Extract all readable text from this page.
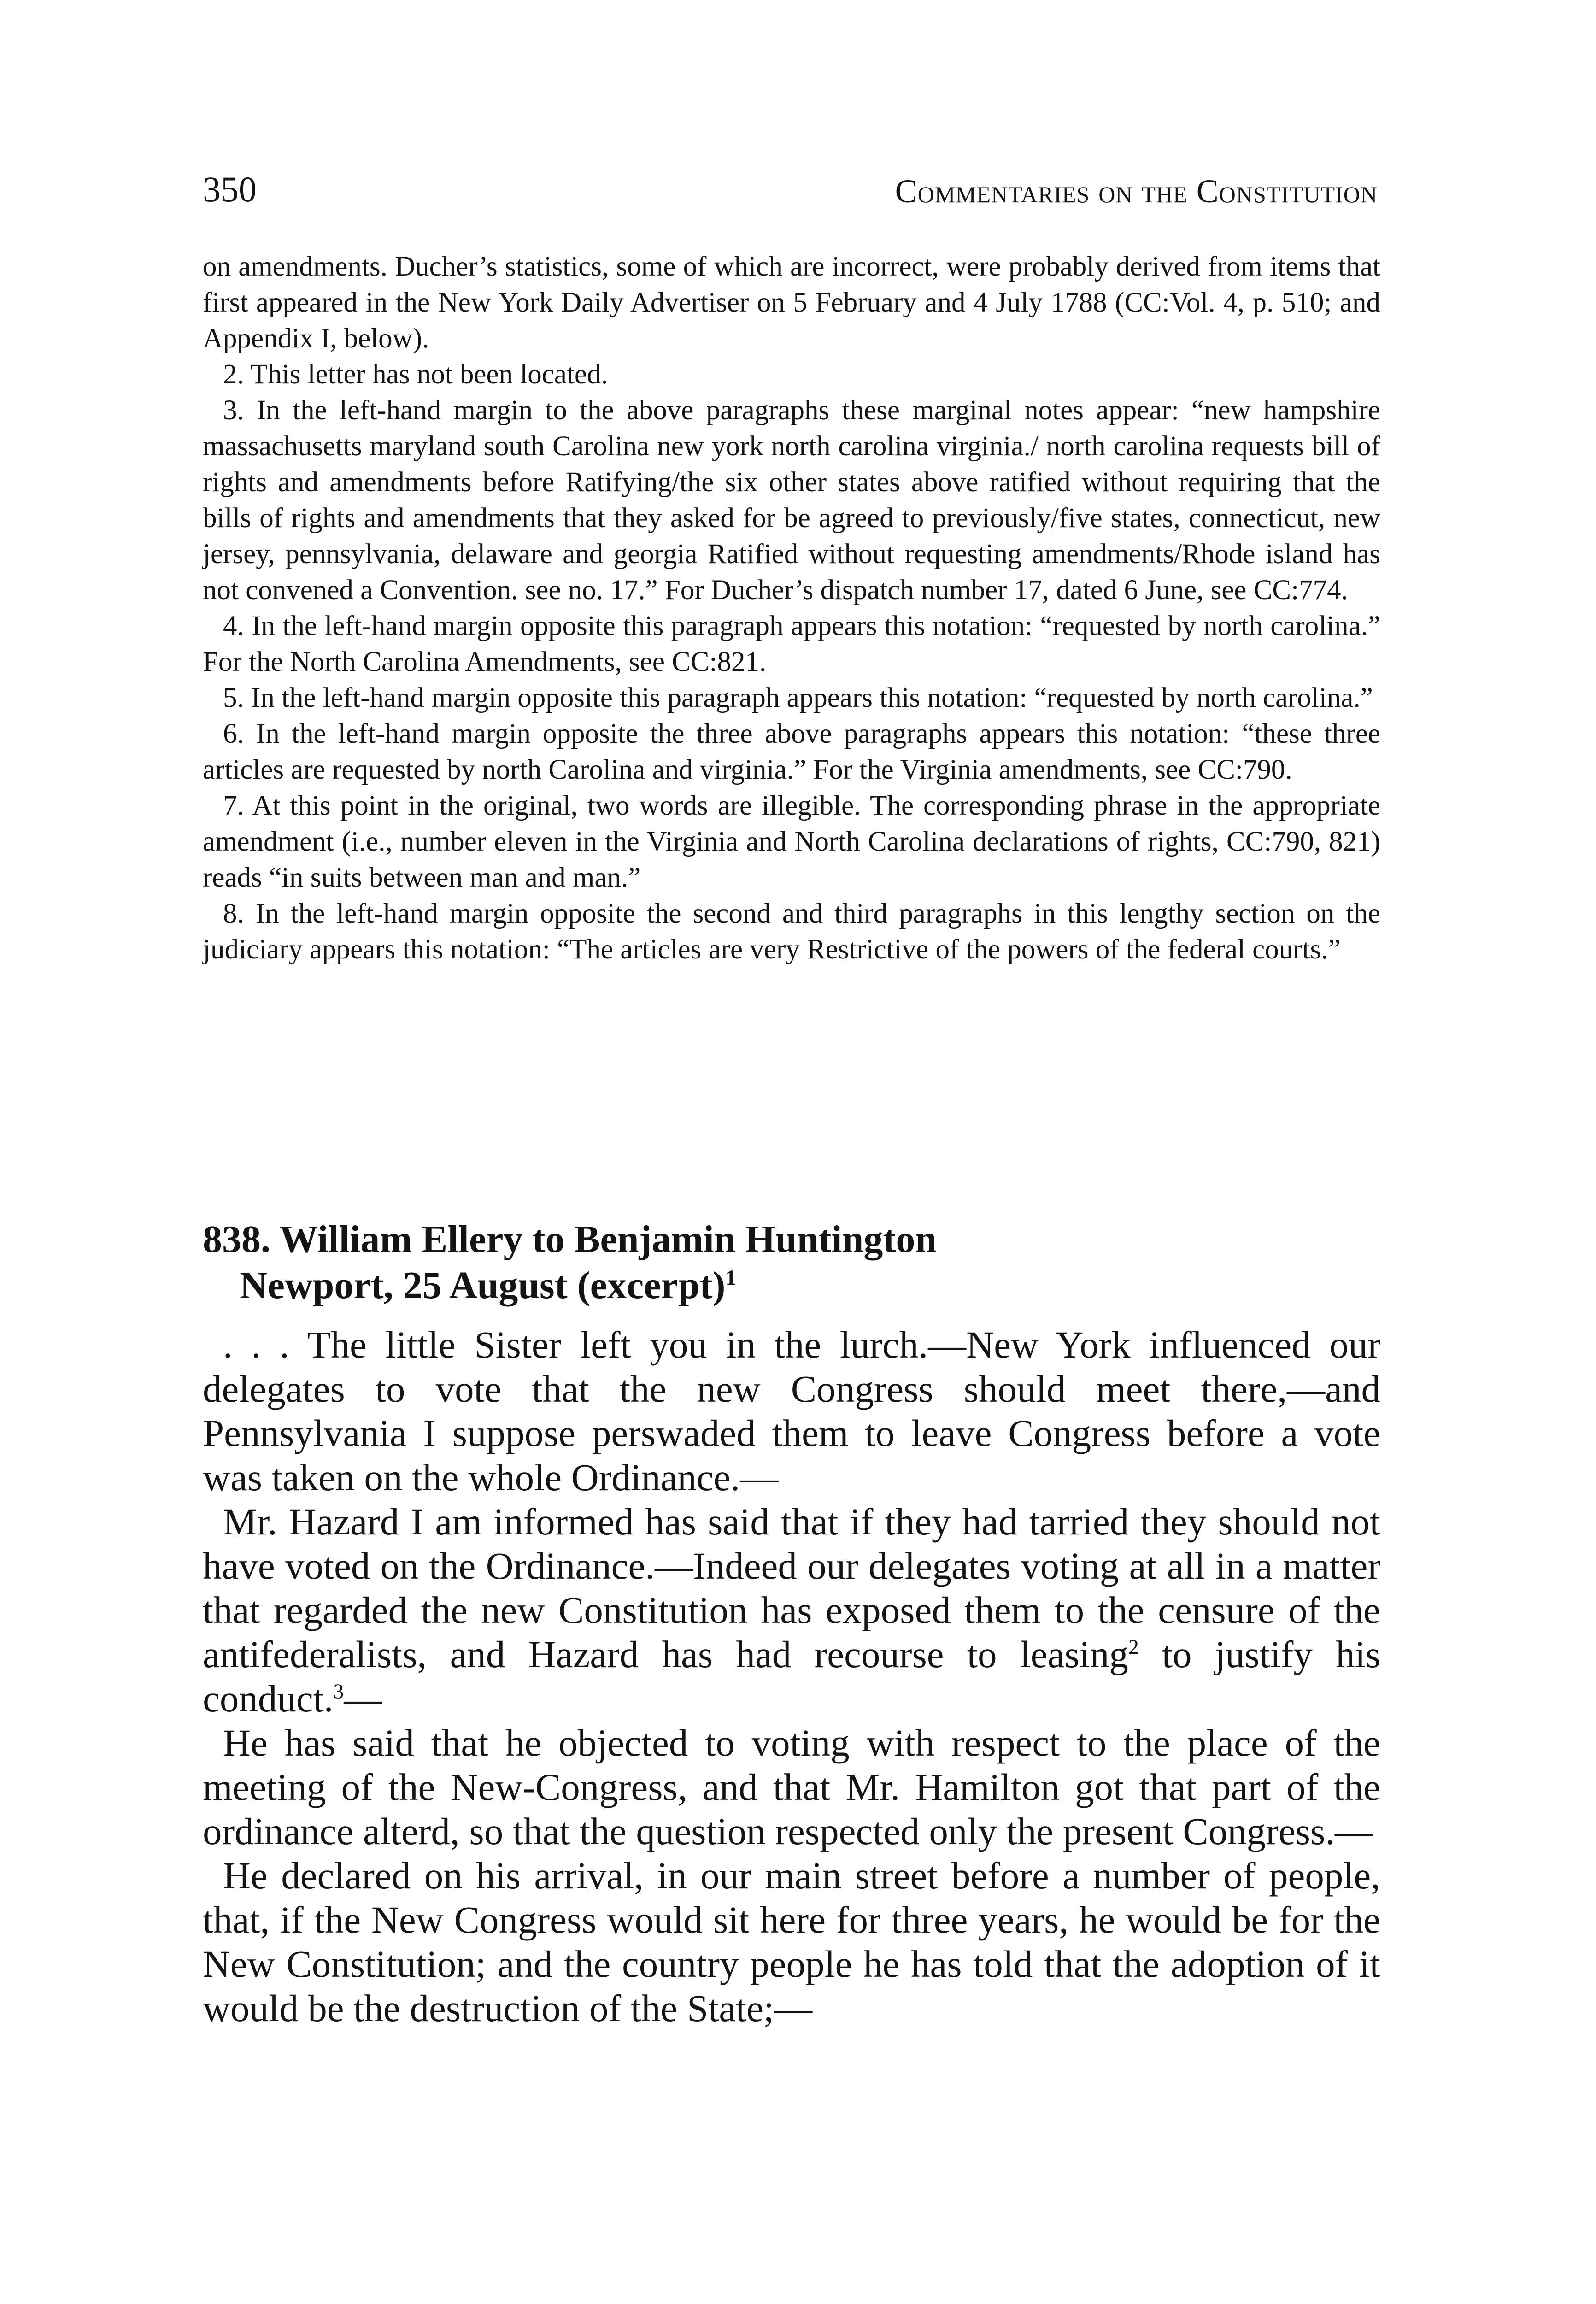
350	Commentaries on the Constitution

on amendments. Ducher’s statistics, some of which are incorrect, were probably derived from items that first appeared in the New York Daily Advertiser on 5 February and 4 July 1788 (CC:Vol. 4, p. 510; and Appendix I, below).

2. This letter has not been located.

3. In the left-hand margin to the above paragraphs these marginal notes appear: “new hampshire massachusetts maryland south Carolina new york north carolina virginia./ north carolina requests bill of rights and amendments before Ratifying/the six other states above ratified without requiring that the bills of rights and amendments that they asked for be agreed to previously/five states, connecticut, new jersey, pennsylvania, delaware and georgia Ratified without requesting amendments/Rhode island has not convened a Convention. see no. 17.” For Ducher’s dispatch number 17, dated 6 June, see CC:774.

4. In the left-hand margin opposite this paragraph appears this notation: “requested by north carolina.” For the North Carolina Amendments, see CC:821.

5. In the left-hand margin opposite this paragraph appears this notation: “requested by north carolina.”

6. In the left-hand margin opposite the three above paragraphs appears this notation: “these three articles are requested by north Carolina and virginia.” For the Virginia amendments, see CC:790.

7. At this point in the original, two words are illegible. The corresponding phrase in the appropriate amendment (i.e., number eleven in the Virginia and North Carolina declarations of rights, CC:790, 821) reads “in suits between man and man.”

8. In the left-hand margin opposite the second and third paragraphs in this lengthy section on the judiciary appears this notation: “The articles are very Restrictive of the powers of the federal courts.”

838. William Ellery to Benjamin Huntington
Newport, 25 August (excerpt)$^1$

. . . The little Sister left you in the lurch.—New York influenced our delegates to vote that the new Congress should meet there,—and Pennsylvania I suppose perswaded them to leave Congress before a vote was taken on the whole Ordinance.—

Mr. Hazard I am informed has said that if they had tarried they should not have voted on the Ordinance.—Indeed our delegates voting at all in a matter that regarded the new Constitution has exposed them to the censure of the antifederalists, and Hazard has had recourse to leasing$^2$ to justify his conduct.$^3$—

He has said that he objected to voting with respect to the place of the meeting of the New-Congress, and that Mr. Hamilton got that part of the ordinance alterd, so that the question respected only the present Congress.—

He declared on his arrival, in our main street before a number of people, that, if the New Congress would sit here for three years, he would be for the New Constitution; and the country people he has told that the adoption of it would be the destruction of the State;—
